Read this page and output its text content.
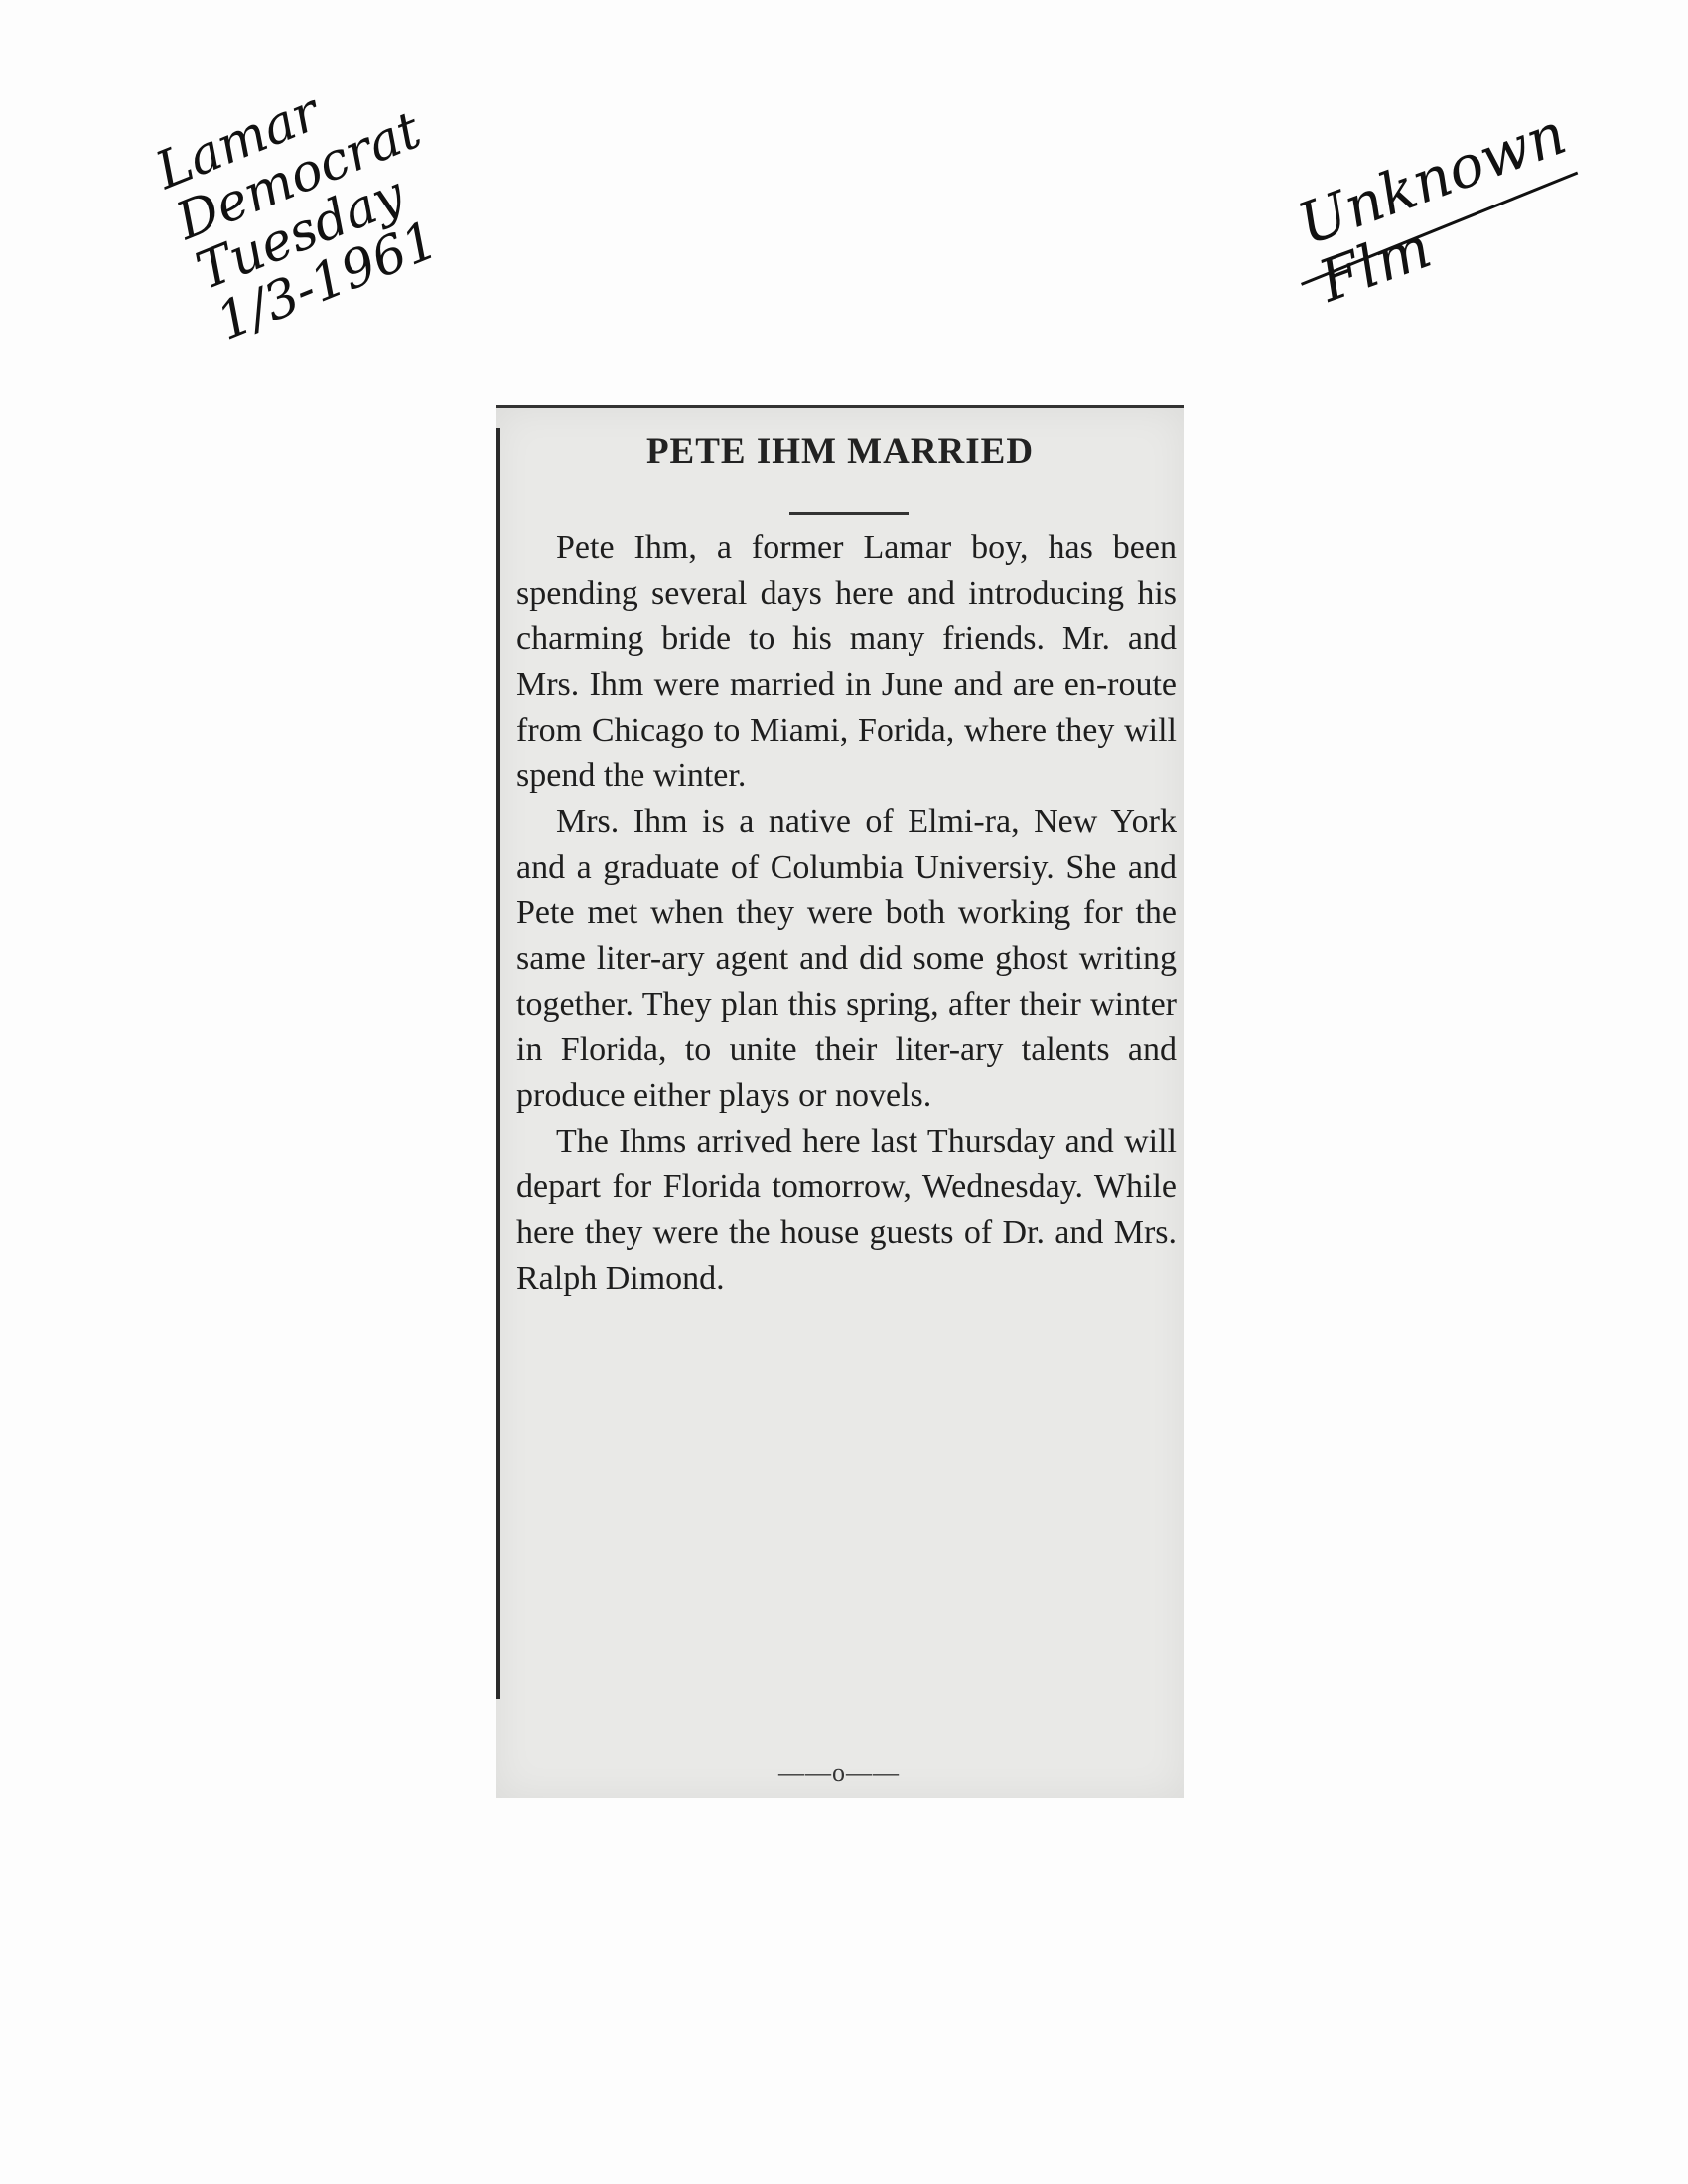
Lamar
Democrat
Tuesday
1/3-1961
Unknown
Flm
PETE IHM MARRIED

Pete Ihm, a former Lamar boy, has been spending several days here and introducing his charming bride to his many friends. Mr. and Mrs. Ihm were married in June and are en-route from Chicago to Miami, Forida, where they will spend the winter.

Mrs. Ihm is a native of Elmi-ra, New York and a graduate of Columbia Universiy. She and Pete met when they were both working for the same liter-ary agent and did some ghost writing together. They plan this spring, after their winter in Florida, to unite their liter-ary talents and produce either plays or novels.

The Ihms arrived here last Thursday and will depart for Florida tomorrow, Wednesday. While here they were the house guests of Dr. and Mrs. Ralph Dimond.

——o——
